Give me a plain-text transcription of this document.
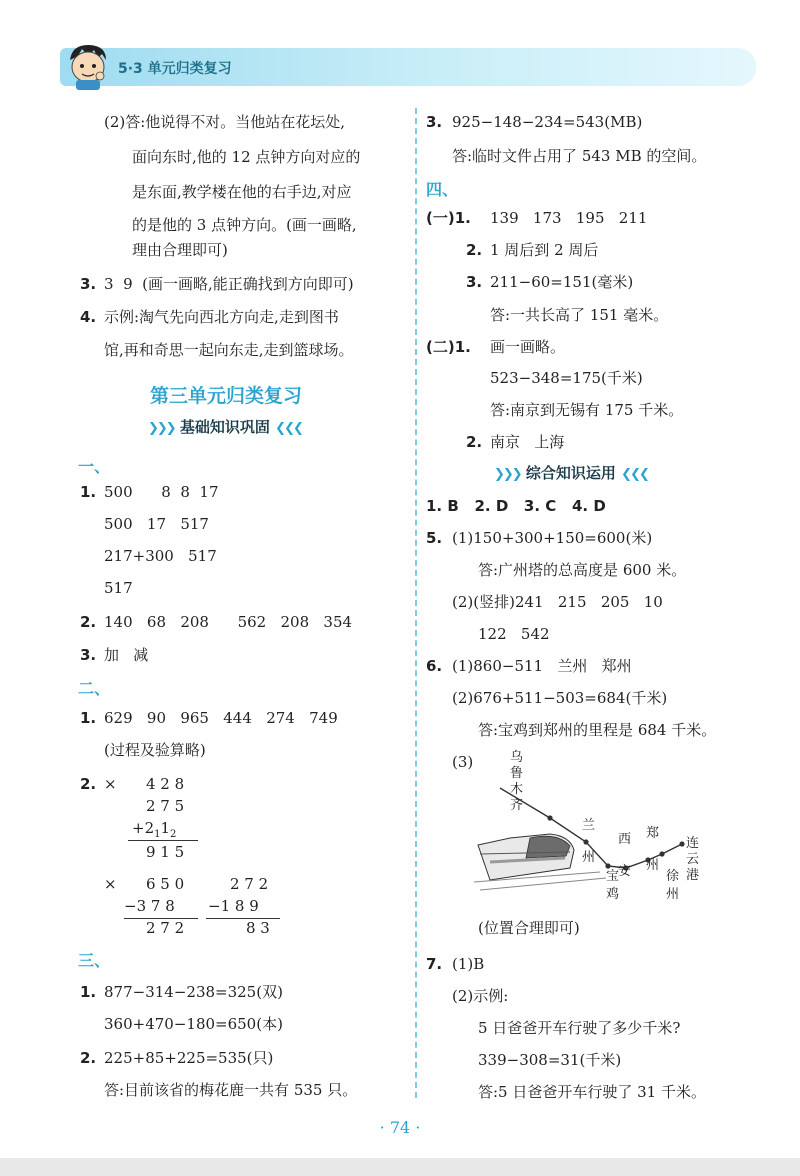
5·3 单元归类复习
(2)答:他说得不对。当他站在花坛处,
面向东时,他的 12 点钟方向对应的
是东面,教学楼在他的右手边,对应
的是他的 3 点钟方向。(画一画略,
理由合理即可)
3. 3  9  (画一画略,能正确找到方向即可)
4. 示例:淘气先向西北方向走,走到图书
馆,再和奇思一起向东走,走到篮球场。
第三单元归类复习
❯❯❯ 基础知识巩固 ❮❮❮
一、
1. 500      8  8  17
500   17   517
217+300   517
517
2. 140   68   208      562   208   354
3. 加   减
二、
1. 629   90   965   444   274   749
(过程及验算略)
2. × 4 2 8
2 7 5
$+2_11_2$
9 1 5
× 6 5 0
−3 7 8
2 7 2
2 7 2
−1 8 9
8 3
三、
1. 877−314−238=325(双)
360+470−180=650(本)
2. 225+85+225=535(只)
答:目前该省的梅花鹿一共有 535 只。
3. 925−148−234=543(MB)
答:临时文件占用了 543 MB 的空间。
四、
(一)1. 139   173   195   211
2. 1 周后到 2 周后
3. 211−60=151(毫米)
答:一共长高了 151 毫米。
(二)1. 画一画略。
523−348=175(千米)
答:南京到无锡有 175 千米。
2. 南京   上海
❯❯❯ 综合知识运用 ❮❮❮
1. B   2. D   3. C   4. D
5. (1)150+300+150=600(米)
答:广州塔的总高度是 600 米。
(2)(竖排)241   215   205   10
122   542
6. (1)860−511   兰州   郑州
(2)676+511−503=684(千米)
答:宝鸡到郑州的里程是 684 千米。
(3)	乌
鲁
木
齐
兰

州
西

安
郑

州
连
云
港
宝
鸡
徐
州
(位置合理即可)
7. (1)B
(2)示例:
5 日爸爸开车行驶了多少千米?
339−308=31(千米)
答:5 日爸爸开车行驶了 31 千米。
· 74 ·
